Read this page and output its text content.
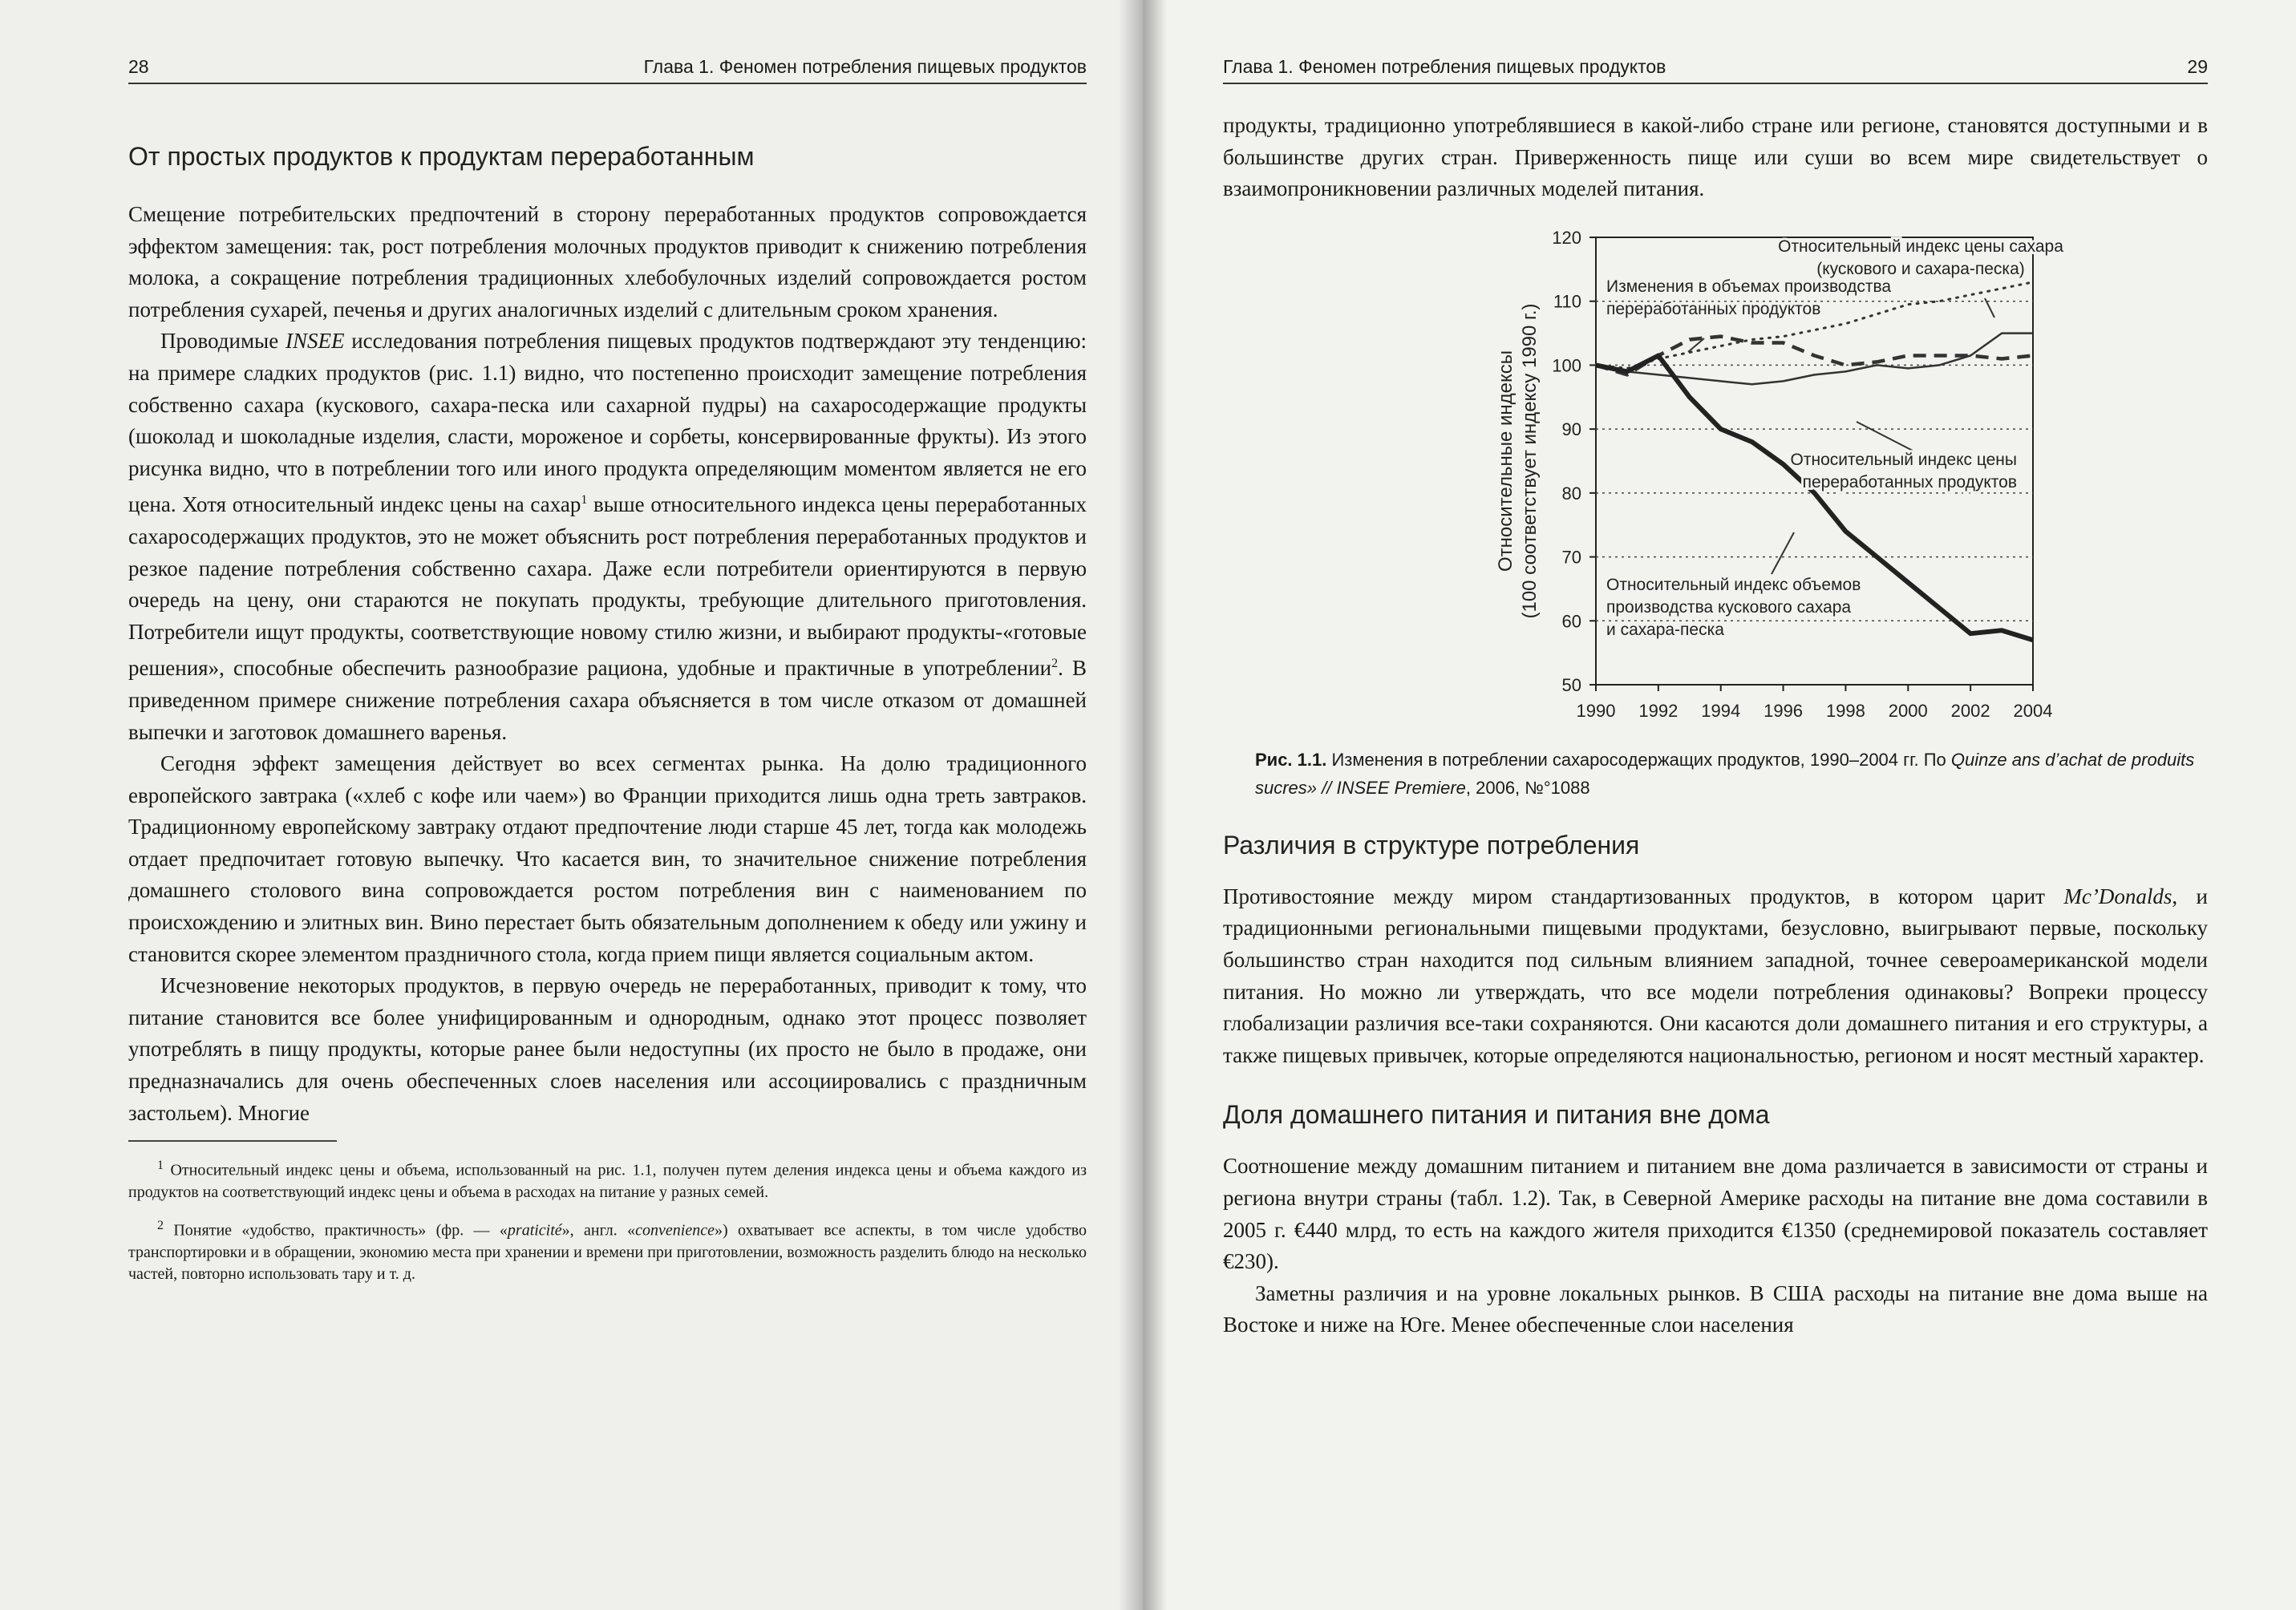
28	Глава 1. Феномен потребления пищевых продуктов
От простых продуктов к продуктам переработанным

Смещение потребительских предпочтений в сторону переработанных продуктов сопровождается эффектом замещения: так, рост потребления молочных продуктов приводит к снижению потребления молока, а сокращение потребления традиционных хлебобулочных изделий сопровождается ростом потребления сухарей, печенья и других аналогичных изделий с длительным сроком хранения.

Проводимые INSEE исследования потребления пищевых продуктов подтверждают эту тенденцию: на примере сладких продуктов (рис. 1.1) видно, что постепенно происходит замещение потребления собственно сахара (кускового, сахара-песка или сахарной пудры) на сахаросодержащие продукты (шоколад и шоколадные изделия, сласти, мороженое и сорбеты, консервированные фрукты). Из этого рисунка видно, что в потреблении того или иного продукта определяющим моментом является не его цена. Хотя относительный индекс цены на сахар$^1$ выше относительного индекса цены переработанных сахаросодержащих продуктов, это не может объяснить рост потребления переработанных продуктов и резкое падение потребления собственно сахара. Даже если потребители ориентируются в первую очередь на цену, они стараются не покупать продукты, требующие длительного приготовления. Потребители ищут продукты, соответствующие новому стилю жизни, и выбирают продукты-«готовые решения», способные обеспечить разнообразие рациона, удобные и практичные в употреблении$^2$. В приведенном примере снижение потребления сахара объясняется в том числе отказом от домашней выпечки и заготовок домашнего варенья.

Сегодня эффект замещения действует во всех сегментах рынка. На долю традиционного европейского завтрака («хлеб с кофе или чаем») во Франции приходится лишь одна треть завтраков. Традиционному европейскому завтраку отдают предпочтение люди старше 45 лет, тогда как молодежь отдает предпочитает готовую выпечку. Что касается вин, то значительное снижение потребления домашнего столового вина сопровождается ростом потребления вин с наименованием по происхождению и элитных вин. Вино перестает быть обязательным дополнением к обеду или ужину и становится скорее элементом праздничного стола, когда прием пищи является социальным актом.

Исчезновение некоторых продуктов, в первую очередь не переработанных, приводит к тому, что питание становится все более унифицированным и однородным, однако этот процесс позволяет употреблять в пищу продукты, которые ранее были недоступны (их просто не было в продаже, они предназначались для очень обеспеченных слоев населения или ассоциировались с праздничным застольем). Многие

$^1$ Относительный индекс цены и объема, использованный на рис. 1.1, получен путем деления индекса цены и объема каждого из продуктов на соответствующий индекс цены и объема в расходах на питание у разных семей.
$^2$ Понятие «удобство, практичность» (фр. — «praticité», англ. «convenience») охватывает все аспекты, в том числе удобство транспортировки и в обращении, экономию места при хранении и времени при приготовлении, возможность разделить блюдо на несколько частей, повторно использовать тару и т. д.
Глава 1. Феномен потребления пищевых продуктов	29

продукты, традиционно употреблявшиеся в какой-либо стране или регионе, становятся доступными и в большинстве других стран. Приверженность пище или суши во всем мире свидетельствует о взаимопроникновении различных моделей питания.

50
60
70
80
90
100
110
120
1990 1992 1994 1996 1998 2000 2002 2004
Относительные индексы (100 соответствует индексу 1990 г.)
Относительный индекс цены сахара
(кускового и сахара-песка)
Изменения в объемах производства
переработанных продуктов
Относительный индекс цены
переработанных продуктов
Относительный индекс объемов
производства кускового сахара
и сахара-песка
Рис. 1.1. Изменения в потреблении сахаросодержащих продуктов, 1990–2004 гг. По Quinze ans d’achat de produits sucres» // INSEE Premiere, 2006, №°1088
Различия в структуре потребления

Противостояние между миром стандартизованных продуктов, в котором царит Mc’Donalds, и традиционными региональными пищевыми продуктами, безусловно, выигрывают первые, поскольку большинство стран находится под сильным влиянием западной, точнее североамериканской модели питания. Но можно ли утверждать, что все модели потребления одинаковы? Вопреки процессу глобализации различия все-таки сохраняются. Они касаются доли домашнего питания и его структуры, а также пищевых привычек, которые определяются национальностью, регионом и носят местный характер.

Доля домашнего питания и питания вне дома

Соотношение между домашним питанием и питанием вне дома различается в зависимости от страны и региона внутри страны (табл. 1.2). Так, в Северной Америке расходы на питание вне дома составили в 2005 г. €440 млрд, то есть на каждого жителя приходится €1350 (среднемировой показатель составляет €230).

Заметны различия и на уровне локальных рынков. В США расходы на питание вне дома выше на Востоке и ниже на Юге. Менее обеспеченные слои населения
